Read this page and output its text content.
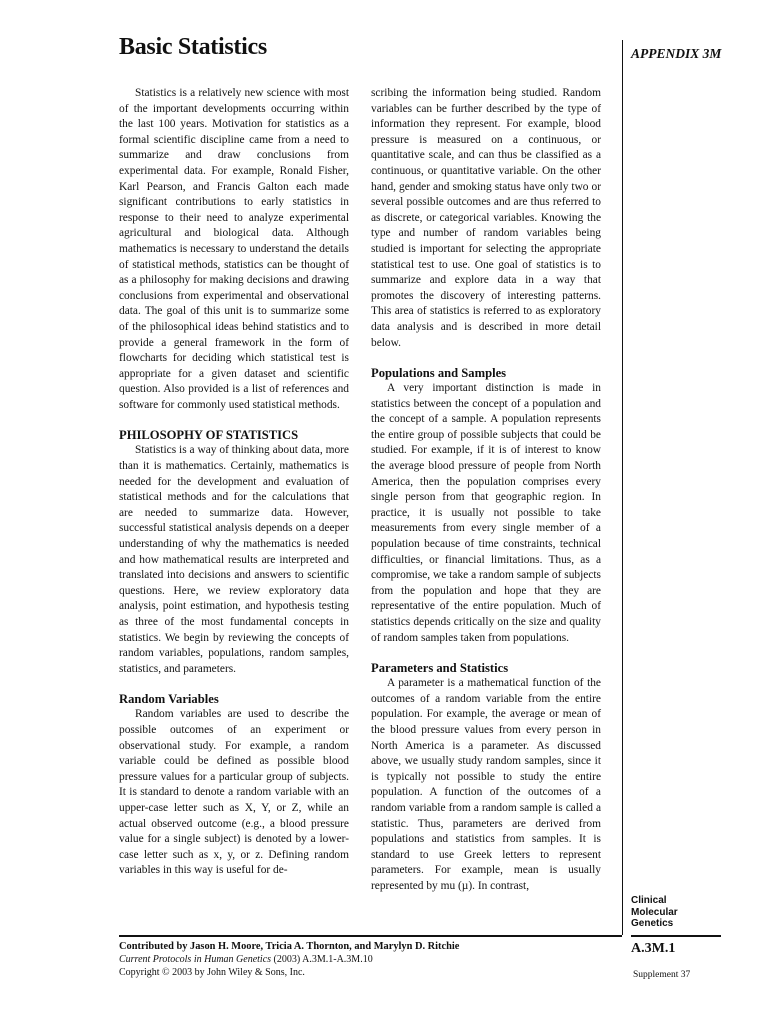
Basic Statistics	APPENDIX 3M

Statistics is a relatively new science with most of the important developments occurring within the last 100 years. Motivation for statistics as a formal scientific discipline came from a need to summarize and draw conclusions from experimental data. For example, Ronald Fisher, Karl Pearson, and Francis Galton each made significant contributions to early statistics in response to their need to analyze experimental agricultural and biological data. Although mathematics is necessary to understand the details of statistical methods, statistics can be thought of as a philosophy for making decisions and drawing conclusions from experimental and observational data. The goal of this unit is to summarize some of the philosophical ideas behind statistics and to provide a general framework in the form of flowcharts for deciding which statistical test is appropriate for a given dataset and scientific question. Also provided is a list of references and software for commonly used statistical methods.

PHILOSOPHY OF STATISTICS

Statistics is a way of thinking about data, more than it is mathematics. Certainly, mathematics is needed for the development and evaluation of statistical methods and for the calculations that are needed to summarize data. However, successful statistical analysis depends on a deeper understanding of why the mathematics is needed and how mathematical results are interpreted and translated into decisions and answers to scientific questions. Here, we review exploratory data analysis, point estimation, and hypothesis testing as three of the most fundamental concepts in statistics. We begin by reviewing the concepts of random variables, populations, random samples, statistics, and parameters.

Random Variables

Random variables are used to describe the possible outcomes of an experiment or observational study. For example, a random variable could be defined as possible blood pressure values for a particular group of subjects. It is standard to denote a random variable with an upper-case letter such as X, Y, or Z, while an actual observed outcome (e.g., a blood pressure value for a single subject) is denoted by a lower-case letter such as x, y, or z. Defining random variables in this way is useful for de-

scribing the information being studied. Random variables can be further described by the type of information they represent. For example, blood pressure is measured on a continuous, or quantitative scale, and can thus be classified as a continuous, or quantitative variable. On the other hand, gender and smoking status have only two or several possible outcomes and are thus referred to as discrete, or categorical variables. Knowing the type and number of random variables being studied is important for selecting the appropriate statistical test to use. One goal of statistics is to summarize and explore data in a way that promotes the discovery of interesting patterns. This area of statistics is referred to as exploratory data analysis and is described in more detail below.

Populations and Samples

A very important distinction is made in statistics between the concept of a population and the concept of a sample. A population represents the entire group of possible subjects that could be studied. For example, if it is of interest to know the average blood pressure of people from North America, then the population comprises every single person from that geographic region. In practice, it is usually not possible to take measurements from every single member of a population because of time constraints, technical difficulties, or financial limitations. Thus, as a compromise, we take a random sample of subjects from the population and hope that they are representative of the entire population. Much of statistics depends critically on the size and quality of random samples taken from populations.

Parameters and Statistics

A parameter is a mathematical function of the outcomes of a random variable from the entire population. For example, the average or mean of the blood pressure values from every person in North America is a parameter. As discussed above, we usually study random samples, since it is typically not possible to study the entire population. A function of the outcomes of a random variable from a random sample is called a statistic. Thus, parameters are derived from populations and statistics from samples. It is standard to use Greek letters to represent parameters. For example, mean is usually represented by mu (µ). In contrast,

Contributed by Jason H. Moore, Tricia A. Thornton, and Marylyn D. Ritchie
Current Protocols in Human Genetics (2003) A.3M.1-A.3M.10
Copyright © 2003 by John Wiley & Sons, Inc.
Clinical
Molecular
Genetics
A.3M.1
Supplement 37
